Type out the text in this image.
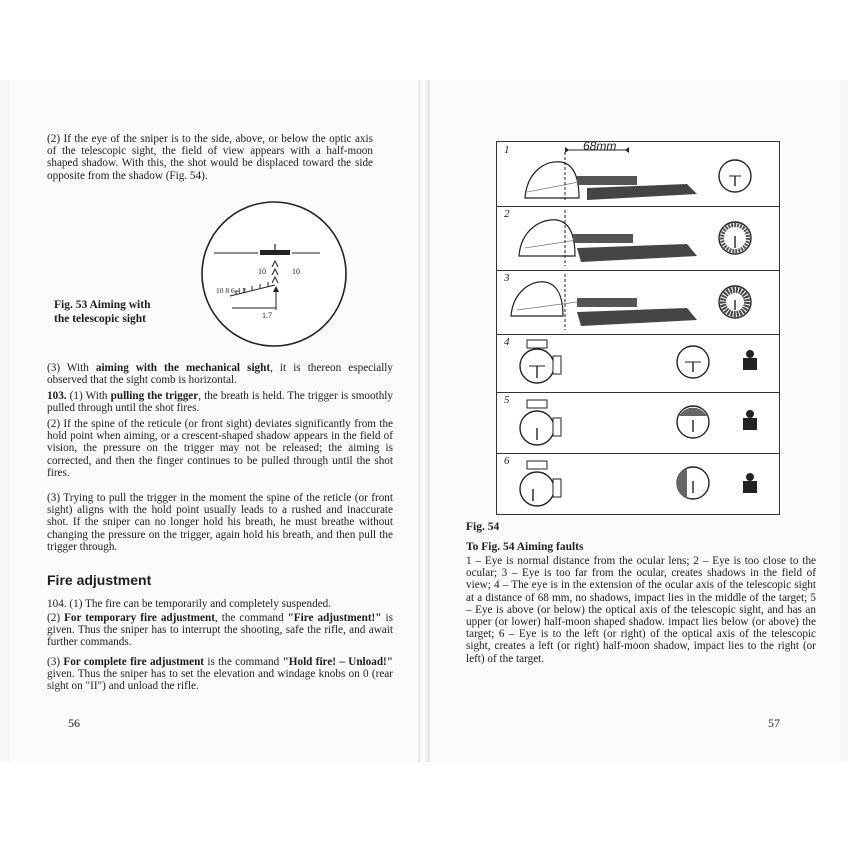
(2) If the eye of the sniper is to the side, above, or below the optic axis of the telescopic sight, the field of view appears with a half-moon shaped shadow. With this, the shot would be displaced toward the side opposite from the shadow (Fig. 54).
10	10
10 8 6 4 2
1.7
Fig. 53 Aiming with
the telescopic sight
(3) With aiming with the mechanical sight, it is thereon especially observed that the sight comb is horizontal.
103. (1) With pulling the trigger, the breath is held. The trigger is smoothly pulled through until the shot fires.
(2) If the spine of the reticule (or front sight) deviates significantly from the hold point when aiming, or a crescent-shaped shadow appears in the field of vision, the pressure on the trigger may not be released; the aiming is corrected, and then the finger continues to be pulled through until the shot fires.
(3) Trying to pull the trigger in the moment the spine of the reticle (or front sight) aligns with the hold point usually leads to a rushed and inaccurate shot. If the sniper can no longer hold his breath, he must breathe without changing the pressure on the trigger, again hold his breath, and then pull the trigger through.
Fire adjustment
104. (1) The fire can be temporarily and completely suspended.
(2) For temporary fire adjustment, the command "Fire adjustment!" is given. Thus the sniper has to interrupt the shooting, safe the rifle, and await further commands.
(3) For complete fire adjustment is the command "Hold fire! – Unload!" given. Thus the sniper has to set the elevation and windage knobs on 0 (rear sight on "II") and unload the rifle.
56
1	68mm
2
3
4
5
6
Fig. 54
To Fig. 54 Aiming faults
1 – Eye is normal distance from the ocular lens; 2 – Eye is too close to the ocular; 3 – Eye is too far from the ocular, creates shadows in the field of view; 4 – The eye is in the extension of the ocular axis of the telescopic sight at a distance of 68 mm, no shadows, impact lies in the middle of the target; 5 – Eye is above (or below) the optical axis of the telescopic sight, and has an upper (or lower) half-moon shaped shadow. impact lies below (or above) the target; 6 – Eye is to the left (or right) of the optical axis of the telescopic sight, creates a left (or right) half-moon shadow, impact lies to the right (or left) of the target.
57
